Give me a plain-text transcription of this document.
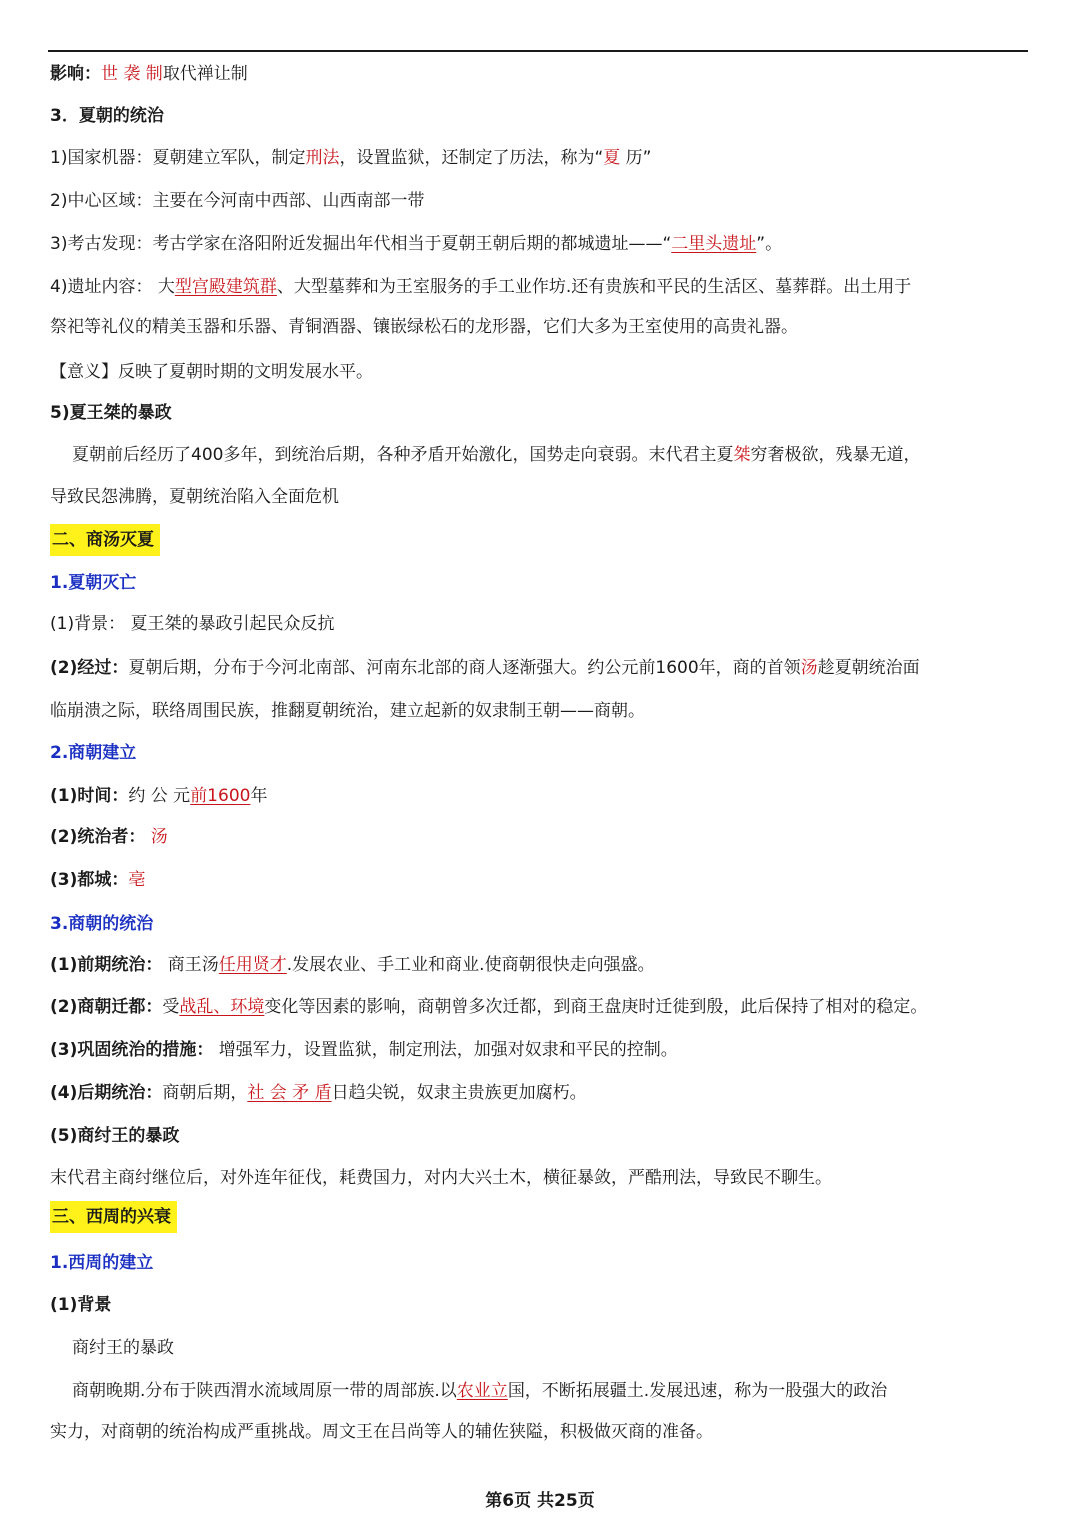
影响：世 袭 制取代禅让制
3．夏朝的统治
1)国家机器：夏朝建立军队，制定刑法，设置监狱，还制定了历法，称为“夏 历”
2)中心区域：主要在今河南中西部、山西南部一带
3)考古发现：考古学家在洛阳附近发掘出年代相当于夏朝王朝后期的都城遗址——“二里头遗址”。
4)遗址内容： 大型宫殿建筑群、大型墓葬和为王室服务的手工业作坊.还有贵族和平民的生活区、墓葬群。出土用于
祭祀等礼仪的精美玉器和乐器、青铜酒器、镶嵌绿松石的龙形器，它们大多为王室使用的高贵礼器。
【意义】反映了夏朝时期的文明发展水平。
5)夏王桀的暴政
夏朝前后经历了400多年，到统治后期，各种矛盾开始激化，国势走向衰弱。末代君主夏桀穷奢极欲，残暴无道，
导致民怨沸腾，夏朝统治陷入全面危机
二、商汤灭夏
1.夏朝灭亡
(1)背景： 夏王桀的暴政引起民众反抗
(2)经过：夏朝后期，分布于今河北南部、河南东北部的商人逐渐强大。约公元前1600年，商的首领汤趁夏朝统治面
临崩溃之际，联络周围民族，推翻夏朝统治，建立起新的奴隶制王朝——商朝。
2.商朝建立
(1)时间：约 公 元前1600年
(2)统治者： 汤
(3)都城：亳
3.商朝的统治
(1)前期统治： 商王汤任用贤才.发展农业、手工业和商业.使商朝很快走向强盛。
(2)商朝迁都：受战乱、环境变化等因素的影响，商朝曾多次迁都，到商王盘庚时迁徙到殷，此后保持了相对的稳定。
(3)巩固统治的措施： 增强军力，设置监狱，制定刑法，加强对奴隶和平民的控制。
(4)后期统治：商朝后期，社 会 矛 盾日趋尖锐，奴隶主贵族更加腐朽。
(5)商纣王的暴政
末代君主商纣继位后，对外连年征伐，耗费国力，对内大兴土木，横征暴敛，严酷刑法，导致民不聊生。
三、西周的兴衰
1.西周的建立
(1)背景
商纣王的暴政
商朝晚期.分布于陕西渭水流域周原一带的周部族.以农业立国，不断拓展疆土.发展迅速，称为一股强大的政治
实力，对商朝的统治构成严重挑战。周文王在吕尚等人的辅佐狭隘，积极做灭商的准备。
第6页 共25页
